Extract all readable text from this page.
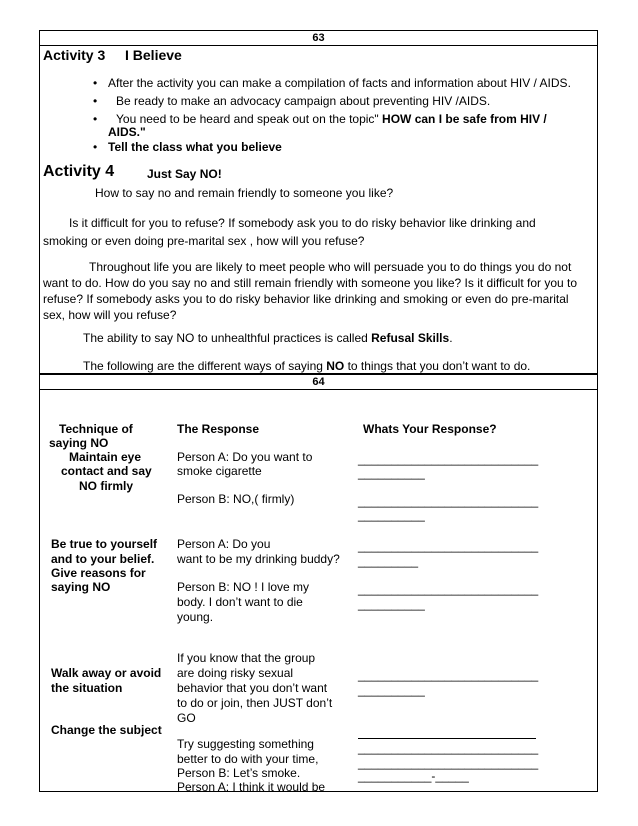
63
Activity 3 I Believe
• After the activity you can make a compilation of facts and information about HIV / AIDS.
• Be ready to make an advocacy campaign about preventing HIV /AIDS.
• You need to be heard and speak out on the topic" HOW can I be safe from HIV /
AIDS."
• Tell the class what you believe
Activity 4	Just Say NO!
How to say no and remain friendly to someone you like?
Is it difficult for you to refuse? If somebody ask you to do risky behavior like drinking and
smoking or even doing pre-marital sex , how will you refuse?
Throughout life you are likely to meet people who will persuade you to do things you do not
want to do. How do you say no and still remain friendly with someone you like? Is it difficult for you to
refuse? If somebody asks you to do risky behavior like drinking and smoking or even do pre-marital
sex, how will you refuse?
The ability to say NO to unhealthful practices is called Refusal Skills.
The following are the different ways of saying NO to things that you don’t want to do.
64
Technique of
saying NO
The Response	Whats Your Response?
Maintain eye
contact and say
NO firmly
Person A: Do you want to
smoke cigarette
Person B: NO,( firmly)
___________________________
__________
___________________________
__________
Be true to yourself
and to your belief.
Give reasons for
saying NO
Person A: Do you
want to be my drinking buddy?
Person B: NO ! I love my
body. I don’t want to die
young.
___________________________
_________
___________________________
__________
If you know that the group
are doing risky sexual
behavior that you don’t want
to do or join, then JUST don’t
GO
Walk away or avoid
the situation
___________________________
__________
Change the subject
Try suggesting something
better to do with your time,
Person B: Let’s smoke.
Person A: I think it would be
___________________________
___________________________
___________-_____
